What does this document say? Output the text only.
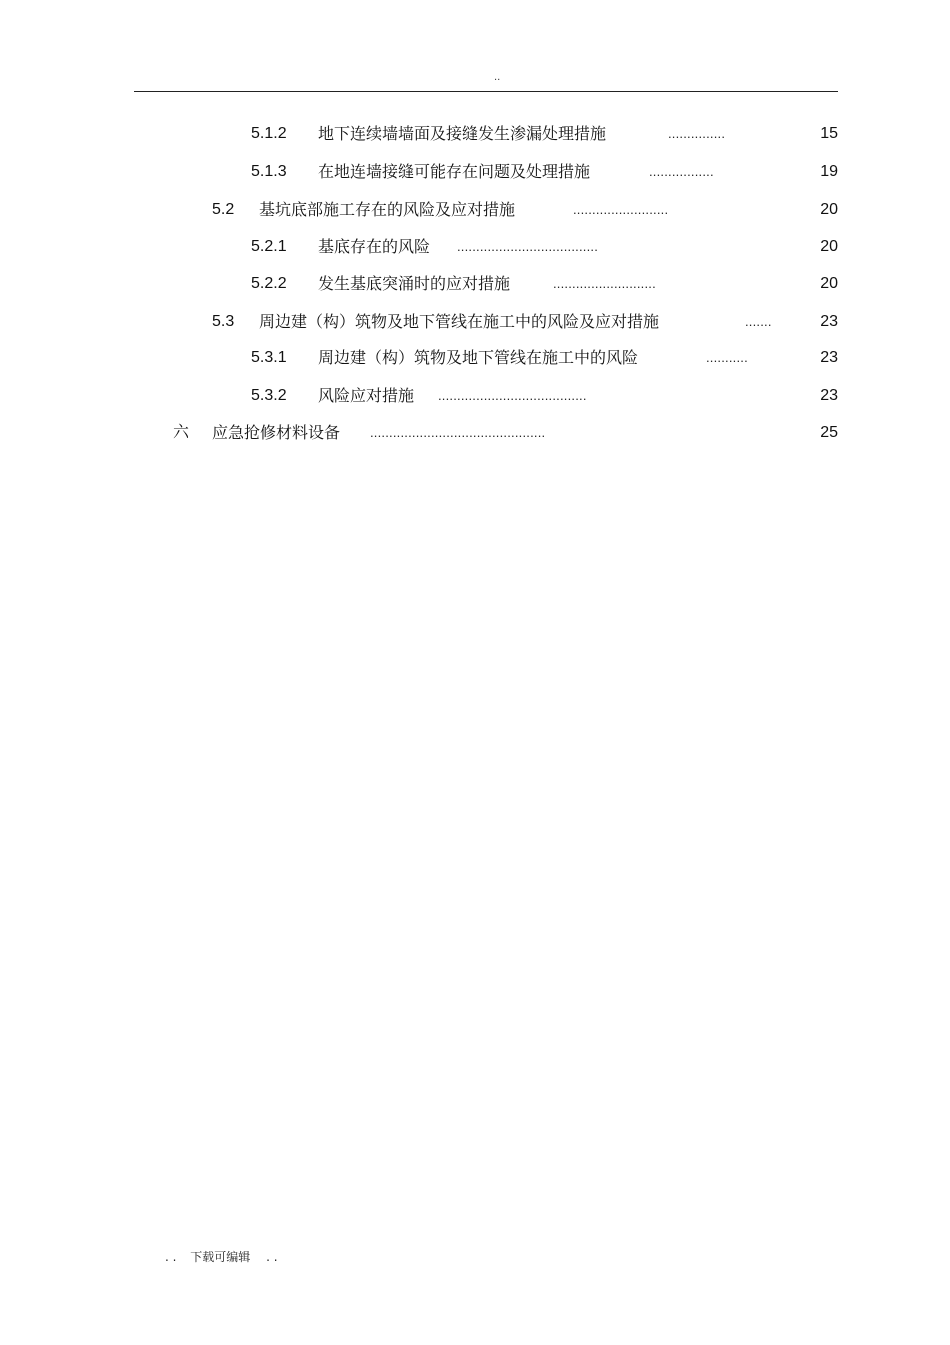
..
5.1.2 地下连续墙墙面及接缝发生渗漏处理措施	...............	15
5.1.3 在地连墙接缝可能存在问题及处理措施	.................	19
5.2 基坑底部施工存在的风险及应对措施	.........................	20
5.2.1 基底存在的风险 .....................................	20
5.2.2 发生基底突涌时的应对措施	...........................	20
5.3 周边建（构）筑物及地下管线在施工中的风险及应对措施	.......	23
5.3.1 周边建（构）筑物及地下管线在施工中的风险	...........	23
5.3.2 风险应对措施 .......................................	23
六 应急抢修材料设备 ..............................................	25
. . 下载可编辑 . .
